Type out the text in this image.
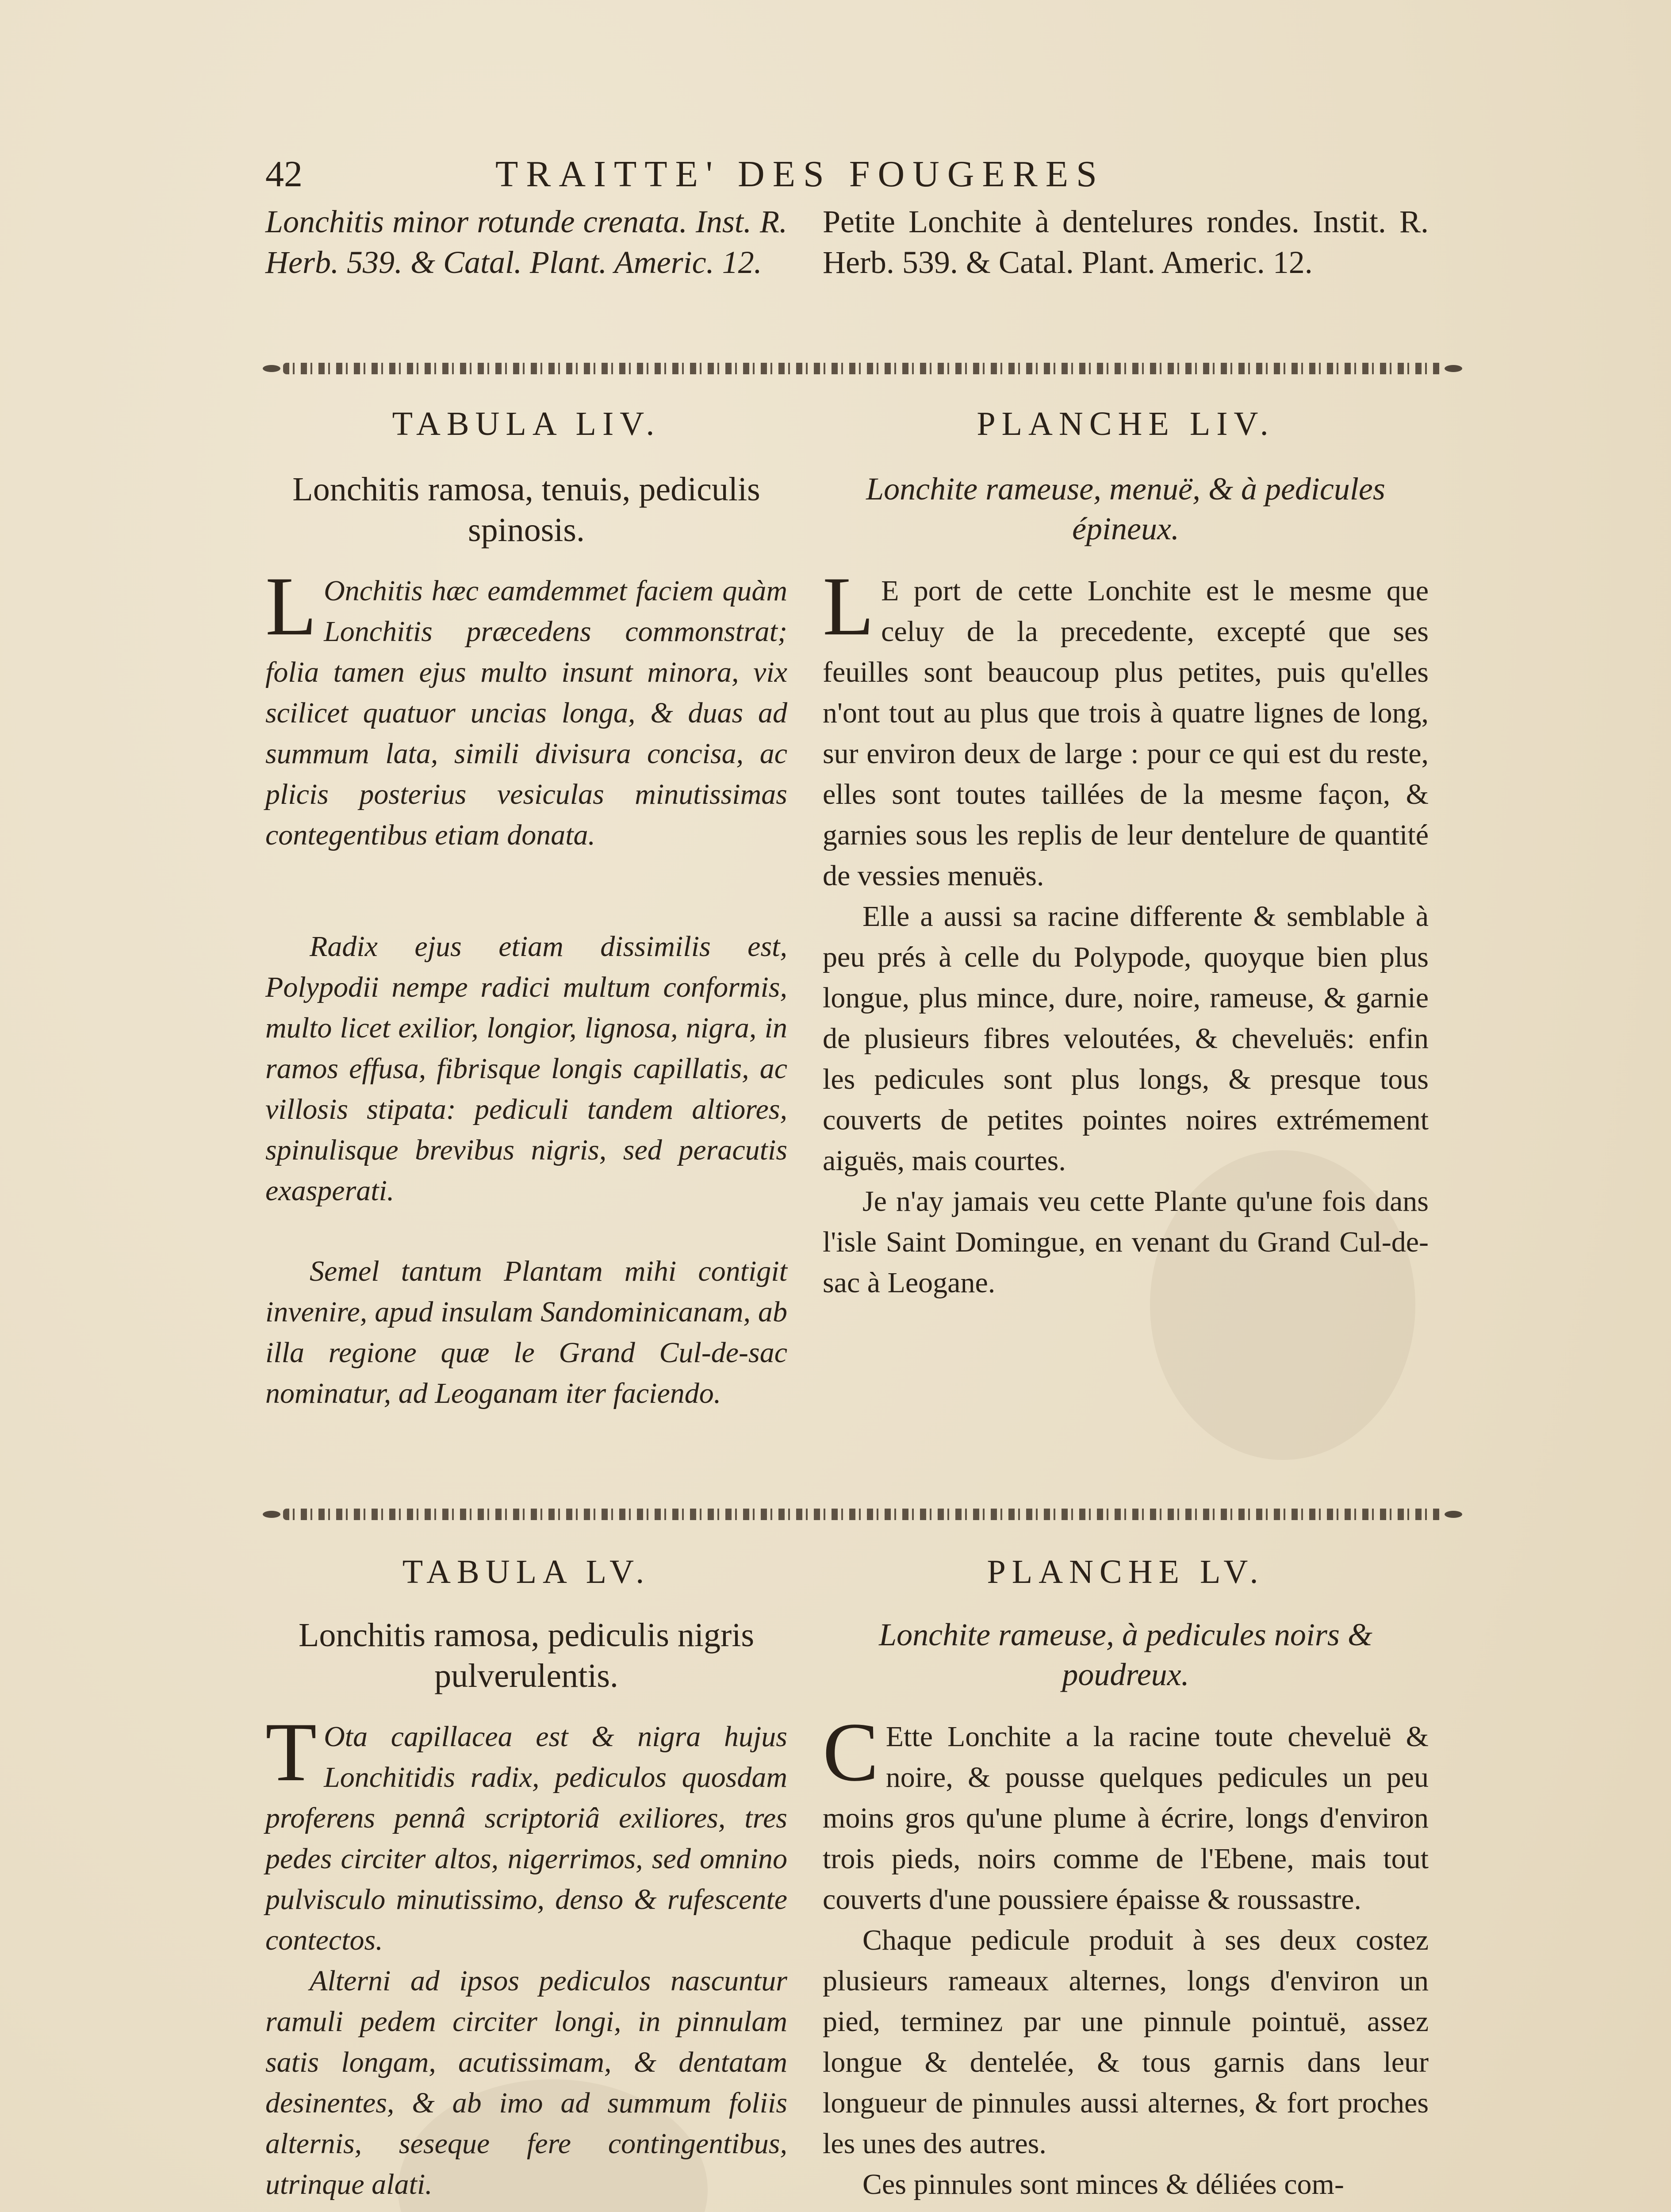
42	TRAITTE' DES FOUGERES

Lonchitis minor rotunde crenata. Inst. R. Herb. 539. & Catal. Plant. Americ. 12.

Petite Lonchite à dentelures rondes. Instit. R. Herb. 539. & Catal. Plant. Americ. 12.

TABULA LIV.	PLANCHE LIV.
Lonchitis ramosa, tenuis, pediculis spinosis.
Lonchite rameuse, menuë, & à pedicules épineux.

L Onchitis hæc eamdemmet faciem quàm Lonchitis præcedens commonstrat; folia tamen ejus multo insunt minora, vix scilicet quatuor uncias longa, & duas ad summum lata, simili divisura concisa, ac plicis posterius vesiculas minutissimas contegentibus etiam donata.

Radix ejus etiam dissimilis est, Polypodii nempe radici multum conformis, multo licet exilior, longior, lignosa, nigra, in ramos effusa, fibrisque longis capillatis, ac villosis stipata: pediculi tandem altiores, spinulisque brevibus nigris, sed peracutis exasperati.

Semel tantum Plantam mihi contigit invenire, apud insulam Sandominicanam, ab illa regione quæ le Grand Cul-de-sac nominatur, ad Leoganam iter faciendo.

L E port de cette Lonchite est le mesme que celuy de la precedente, excepté que ses feuilles sont beaucoup plus petites, puis qu'elles n'ont tout au plus que trois à quatre lignes de long, sur environ deux de large : pour ce qui est du reste, elles sont toutes taillées de la mesme façon, & garnies sous les replis de leur dentelure de quantité de vessies menuës.

Elle a aussi sa racine differente & semblable à peu prés à celle du Polypode, quoyque bien plus longue, plus mince, dure, noire, rameuse, & garnie de plusieurs fibres veloutées, & cheveluës: enfin les pedicules sont plus longs, & presque tous couverts de petites pointes noires extrémement aiguës, mais courtes.

Je n'ay jamais veu cette Plante qu'une fois dans l'isle Saint Domingue, en venant du Grand Cul-de-sac à Leogane.

TABULA LV.	PLANCHE LV.
Lonchitis ramosa, pediculis nigris pulverulentis.
Lonchite rameuse, à pedicules noirs & poudreux.

T Ota capillacea est & nigra hujus Lonchitidis radix, pediculos quosdam proferens pennâ scriptoriâ exiliores, tres pedes circiter altos, nigerrimos, sed omnino pulvisculo minutissimo, denso & rufescente contectos.

Alterni ad ipsos pediculos nascuntur ramuli pedem circiter longi, in pinnulam satis longam, acutissimam, & dentatam desinentes, & ab imo ad summum foliis alternis, seseque fere contingentibus, utrinque alati.

C Ette Lonchite a la racine toute cheveluë & noire, & pousse quelques pedicules un peu moins gros qu'une plume à écrire, longs d'environ trois pieds, noirs comme de l'Ebene, mais tout couverts d'une poussiere épaisse & roussastre.

Chaque pedicule produit à ses deux costez plusieurs rameaux alternes, longs d'environ un pied, terminez par une pinnule pointuë, assez longue & dentelée, & tous garnis dans leur longueur de pinnules aussi alternes, & fort proches les unes des autres.

Ces pinnules sont minces & déliées com-
